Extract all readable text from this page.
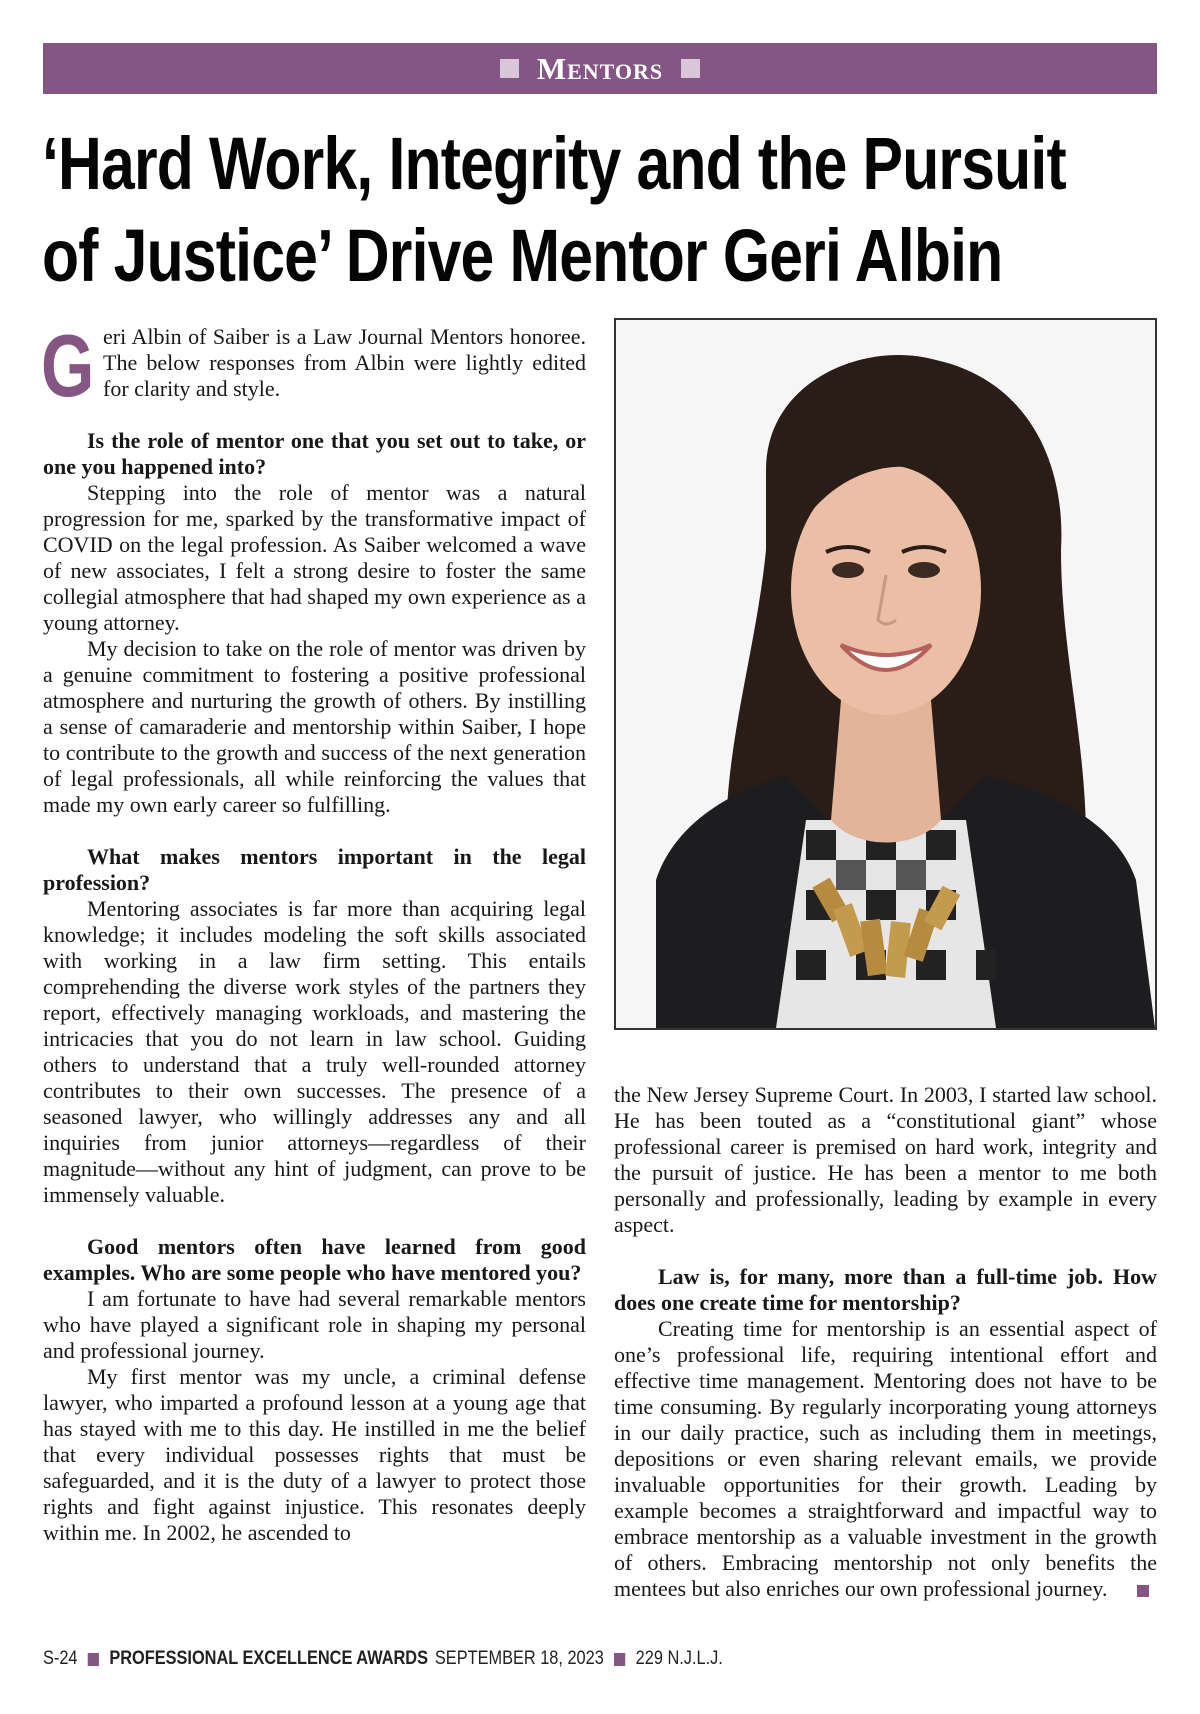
Mentors
‘Hard Work, Integrity and the Pursuit
of Justice’ Drive Mentor Geri Albin
G eri Albin of Saiber is a Law Journal Mentors honoree. The below responses from Albin were lightly edited for clarity and style.

Is the role of mentor one that you set out to take, or one you happened into?

Stepping into the role of mentor was a natural progression for me, sparked by the transformative impact of COVID on the legal profession. As Saiber welcomed a wave of new associates, I felt a strong desire to foster the same collegial atmosphere that had shaped my own experience as a young attorney.

My decision to take on the role of mentor was driven by a genuine commitment to fostering a positive professional atmosphere and nurturing the growth of others. By instilling a sense of camaraderie and mentorship within Saiber, I hope to contribute to the growth and success of the next generation of legal professionals, all while reinforcing the values that made my own early career so fulfilling.

What makes mentors important in the legal profession?

Mentoring associates is far more than acquiring legal knowledge; it includes modeling the soft skills associated with working in a law firm setting. This entails comprehending the diverse work styles of the partners they report, effectively managing workloads, and mastering the intricacies that you do not learn in law school. Guiding others to understand that a truly well-rounded attorney contributes to their own successes. The presence of a seasoned lawyer, who willingly addresses any and all inquiries from junior attorneys—regardless of their magnitude—without any hint of judgment, can prove to be immensely valuable.

Good mentors often have learned from good examples. Who are some people who have mentored you?

I am fortunate to have had several remarkable mentors who have played a significant role in shaping my personal and professional journey.

My first mentor was my uncle, a criminal defense lawyer, who imparted a profound lesson at a young age that has stayed with me to this day. He instilled in me the belief that every individual possesses rights that must be safeguarded, and it is the duty of a lawyer to protect those rights and fight against injustice. This resonates deeply within me. In 2002, he ascended to

the New Jersey Supreme Court. In 2003, I started law school. He has been touted as a “constitutional giant” whose professional career is premised on hard work, integrity and the pursuit of justice. He has been a mentor to me both personally and professionally, leading by example in every aspect.

Law is, for many, more than a full-time job. How does one create time for mentorship?

Creating time for mentorship is an essential aspect of one’s professional life, requiring intentional effort and effective time management. Mentoring does not have to be time consuming. By regularly incorporating young attorneys in our daily practice, such as including them in meetings, depositions or even sharing relevant emails, we provide invaluable opportunities for their growth. Leading by example becomes a straightforward and impactful way to embrace mentorship as a valuable investment in the growth of others. Embracing mentorship not only benefits the mentees but also enriches our own professional journey.

S-24 PROFESSIONAL EXCELLENCE AWARDS SEPTEMBER 18, 2023 229 N.J.L.J.
